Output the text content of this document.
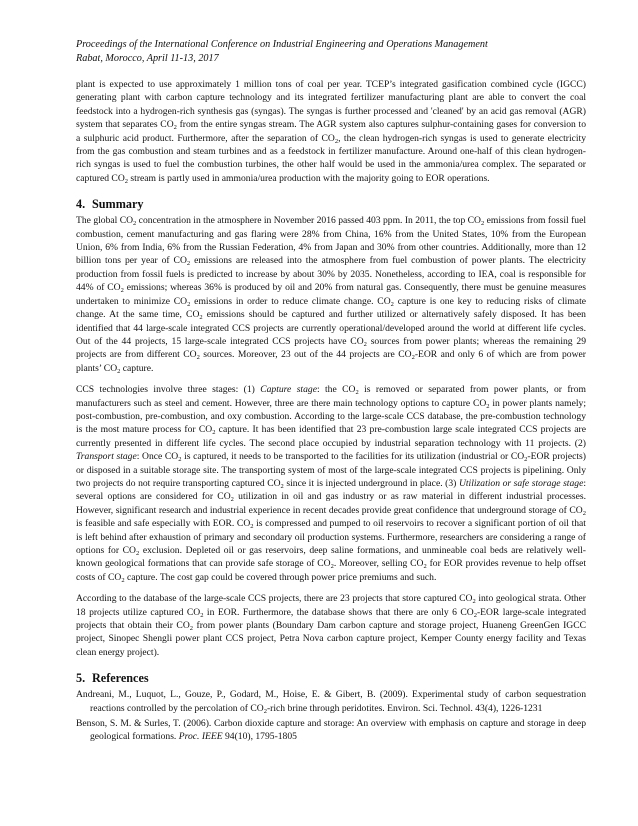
Proceedings of the International Conference on Industrial Engineering and Operations Management
Rabat, Morocco, April 11-13, 2017

plant is expected to use approximately 1 million tons of coal per year. TCEP’s integrated gasification combined cycle (IGCC) generating plant with carbon capture technology and its integrated fertilizer manufacturing plant are able to convert the coal feedstock into a hydrogen-rich synthesis gas (syngas). The syngas is further processed and 'cleaned' by an acid gas removal (AGR) system that separates $CO_2$ from the entire syngas stream. The AGR system also captures sulphur-containing gases for conversion to a sulphuric acid product. Furthermore, after the separation of $CO_2$, the clean hydrogen-rich syngas is used to generate electricity from the gas combustion and steam turbines and as a feedstock in fertilizer manufacture. Around one-half of this clean hydrogen-rich syngas is used to fuel the combustion turbines, the other half would be used in the ammonia/urea complex. The separated or captured $CO_2$ stream is partly used in ammonia/urea production with the majority going to EOR operations.

4. Summary

The global $CO_2$ concentration in the atmosphere in November 2016 passed 403 ppm. In 2011, the top $CO_2$ emissions from fossil fuel combustion, cement manufacturing and gas flaring were 28% from China, 16% from the United States, 10% from the European Union, 6% from India, 6% from the Russian Federation, 4% from Japan and 30% from other countries. Additionally, more than 12 billion tons per year of $CO_2$ emissions are released into the atmosphere from fuel combustion of power plants. The electricity production from fossil fuels is predicted to increase by about 30% by 2035. Nonetheless, according to IEA, coal is responsible for 44% of $CO_2$ emissions; whereas 36% is produced by oil and 20% from natural gas. Consequently, there must be genuine measures undertaken to minimize $CO_2$ emissions in order to reduce climate change. $CO_2$ capture is one key to reducing risks of climate change. At the same time, $CO_2$ emissions should be captured and further utilized or alternatively safely disposed. It has been identified that 44 large-scale integrated CCS projects are currently operational/developed around the world at different life cycles. Out of the 44 projects, 15 large-scale integrated CCS projects have $CO_2$ sources from power plants; whereas the remaining 29 projects are from different $CO_2$ sources. Moreover, 23 out of the 44 projects are $CO_2$-EOR and only 6 of which are from power plants’ $CO_2$ capture.

CCS technologies involve three stages: (1) Capture stage: the $CO_2$ is removed or separated from power plants, or from manufacturers such as steel and cement. However, three are there main technology options to capture $CO_2$ in power plants namely; post-combustion, pre-combustion, and oxy combustion. According to the large-scale CCS database, the pre-combustion technology is the most mature process for $CO_2$ capture. It has been identified that 23 pre-combustion large scale integrated CCS projects are currently presented in different life cycles. The second place occupied by industrial separation technology with 11 projects. (2) Transport stage: Once $CO_2$ is captured, it needs to be transported to the facilities for its utilization (industrial or $CO_2$-EOR projects) or disposed in a suitable storage site. The transporting system of most of the large-scale integrated CCS projects is pipelining. Only two projects do not require transporting captured $CO_2$ since it is injected underground in place. (3) Utilization or safe storage stage: several options are considered for $CO_2$ utilization in oil and gas industry or as raw material in different industrial processes. However, significant research and industrial experience in recent decades provide great confidence that underground storage of $CO_2$ is feasible and safe especially with EOR. $CO_2$ is compressed and pumped to oil reservoirs to recover a significant portion of oil that is left behind after exhaustion of primary and secondary oil production systems. Furthermore, researchers are considering a range of options for $CO_2$ exclusion. Depleted oil or gas reservoirs, deep saline formations, and unmineable coal beds are relatively well-known geological formations that can provide safe storage of $CO_2$. Moreover, selling $CO_2$ for EOR provides revenue to help offset costs of $CO_2$ capture. The cost gap could be covered through power price premiums and such.

According to the database of the large-scale CCS projects, there are 23 projects that store captured $CO_2$ into geological strata. Other 18 projects utilize captured $CO_2$ in EOR. Furthermore, the database shows that there are only 6 $CO_2$-EOR large-scale integrated projects that obtain their $CO_2$ from power plants (Boundary Dam carbon capture and storage project, Huaneng GreenGen IGCC project, Sinopec Shengli power plant CCS project, Petra Nova carbon capture project, Kemper County energy facility and Texas clean energy project).

5. References

Andreani, M., Luquot, L., Gouze, P., Godard, M., Hoise, E. & Gibert, B. (2009). Experimental study of carbon sequestration reactions controlled by the percolation of $CO_2$-rich brine through peridotites. Environ. Sci. Technol. 43(4), 1226-1231

Benson, S. M. & Surles, T. (2006). Carbon dioxide capture and storage: An overview with emphasis on capture and storage in deep geological formations. Proc. IEEE 94(10), 1795-1805
